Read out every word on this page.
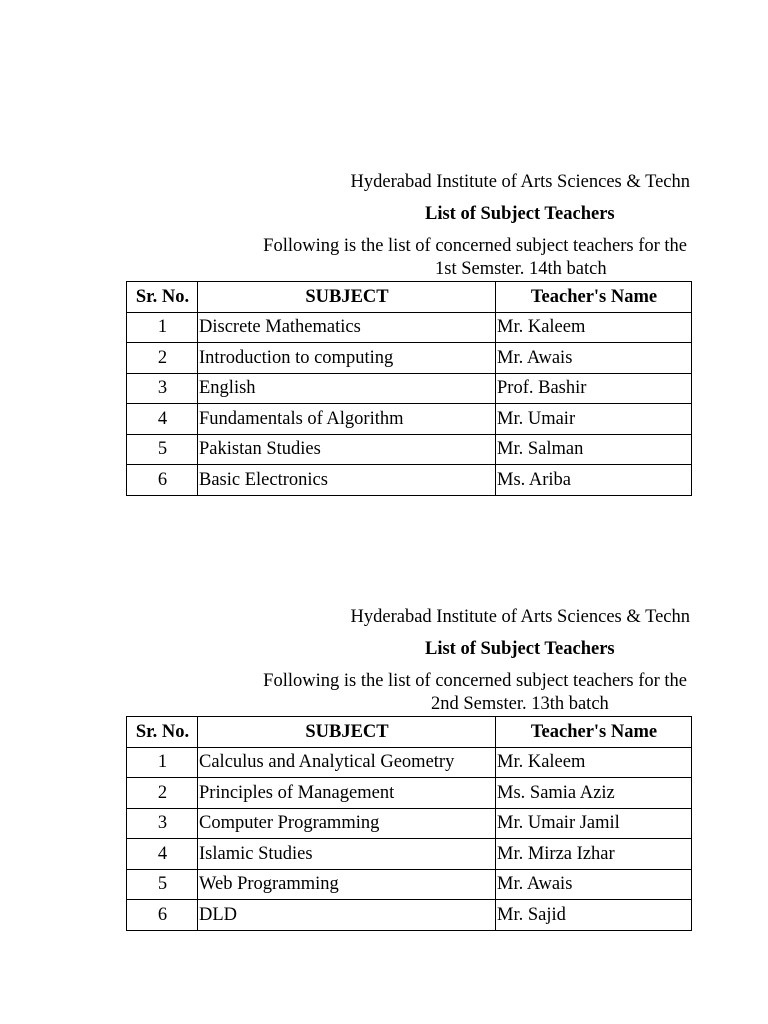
Hyderabad Institute of Arts Sciences & Techn
List of Subject Teachers
Following is the list of concerned subject teachers for the
1st Semster. 14th batch
Sr. No.	SUBJECT	Teacher's Name
1	Discrete Mathematics	Mr. Kaleem
2	Introduction to computing	Mr. Awais
3	English	Prof. Bashir
4	Fundamentals of Algorithm	Mr. Umair
5	Pakistan Studies	Mr. Salman
6	Basic Electronics	Ms. Ariba
Hyderabad Institute of Arts Sciences & Techn
List of Subject Teachers
Following is the list of concerned subject teachers for the
2nd Semster. 13th batch
Sr. No.	SUBJECT	Teacher's Name
1	Calculus and Analytical Geometry	Mr. Kaleem
2	Principles of Management	Ms. Samia Aziz
3	Computer Programming	Mr. Umair Jamil
4	Islamic Studies	Mr. Mirza Izhar
5	Web Programming	Mr. Awais
6	DLD	Mr. Sajid
